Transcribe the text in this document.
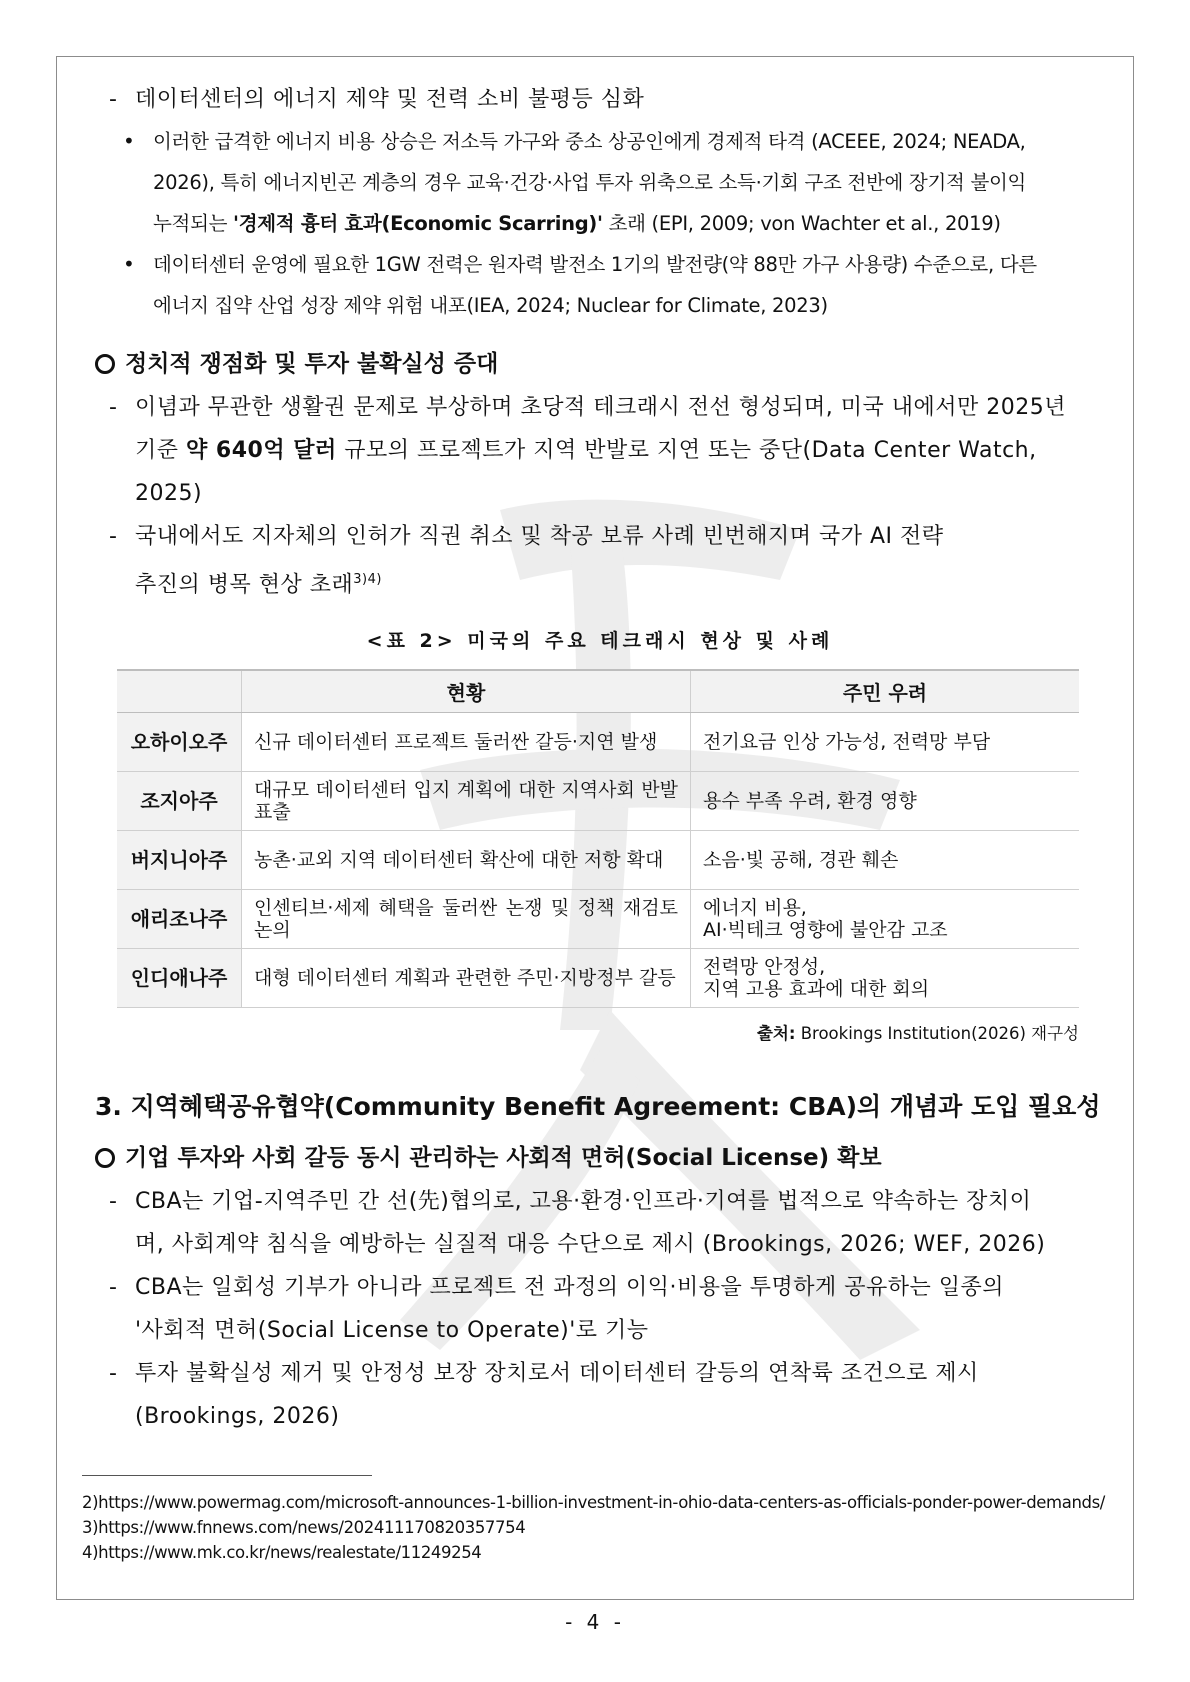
- 데이터센터의 에너지 제약 및 전력 소비 불평등 심화
• 이러한 급격한 에너지 비용 상승은 저소득 가구와 중소 상공인에게 경제적 타격 (ACEEE, 2024; NEADA,
2026), 특히 에너지빈곤 계층의 경우 교육·건강·사업 투자 위축으로 소득·기회 구조 전반에 장기적 불이익
누적되는 '경제적 흉터 효과(Economic Scarring)' 초래 (EPI, 2009; von Wachter et al., 2019)
• 데이터센터 운영에 필요한 1GW 전력은 원자력 발전소 1기의 발전량(약 88만 가구 사용량) 수준으로, 다른
에너지 집약 산업 성장 제약 위험 내포(IEA, 2024; Nuclear for Climate, 2023)
정치적 쟁점화 및 투자 불확실성 증대
- 이념과 무관한 생활권 문제로 부상하며 초당적 테크래시 전선 형성되며, 미국 내에서만 2025년
기준 약 640억 달러 규모의 프로젝트가 지역 반발로 지연 또는 중단(Data Center Watch, 2025)
- 국내에서도 지자체의 인허가 직권 취소 및 착공 보류 사례 빈번해지며 국가 AI 전략
추진의 병목 현상 초래$^{3)4)}$
<표 2> 미국의 주요 테크래시 현상 및 사례
	현황	주민 우려
오하이오주	신규 데이터센터 프로젝트 둘러싼 갈등·지연 발생	전기요금 인상 가능성, 전력망 부담
조지아주	대규모 데이터센터 입지 계획에 대한 지역사회 반발 표출	용수 부족 우려, 환경 영향
버지니아주	농촌·교외 지역 데이터센터 확산에 대한 저항 확대	소음·빛 공해, 경관 훼손
애리조나주	인센티브·세제 혜택을 둘러싼 논쟁 및 정책 재검토 논의	에너지 비용,
AI·빅테크 영향에 불안감 고조
인디애나주	대형 데이터센터 계획과 관련한 주민·지방정부 갈등	전력망 안정성,
지역 고용 효과에 대한 회의
출처: Brookings Institution(2026) 재구성
3. 지역혜택공유협약(Community Benefit Agreement: CBA)의 개념과 도입 필요성
기업 투자와 사회 갈등 동시 관리하는 사회적 면허(Social License) 확보
- CBA는 기업-지역주민 간 선(先)협의로, 고용·환경·인프라·기여를 법적으로 약속하는 장치이
며, 사회계약 침식을 예방하는 실질적 대응 수단으로 제시 (Brookings, 2026; WEF, 2026)
- CBA는 일회성 기부가 아니라 프로젝트 전 과정의 이익·비용을 투명하게 공유하는 일종의
'사회적 면허(Social License to Operate)'로 기능
- 투자 불확실성 제거 및 안정성 보장 장치로서 데이터센터 갈등의 연착륙 조건으로 제시
(Brookings, 2026)
2)https://www.powermag.com/microsoft-announces-1-billion-investment-in-ohio-data-centers-as-officials-ponder-power-demands/
3)https://www.fnnews.com/news/202411170820357754
4)https://www.mk.co.kr/news/realestate/11249254
- 4 -
